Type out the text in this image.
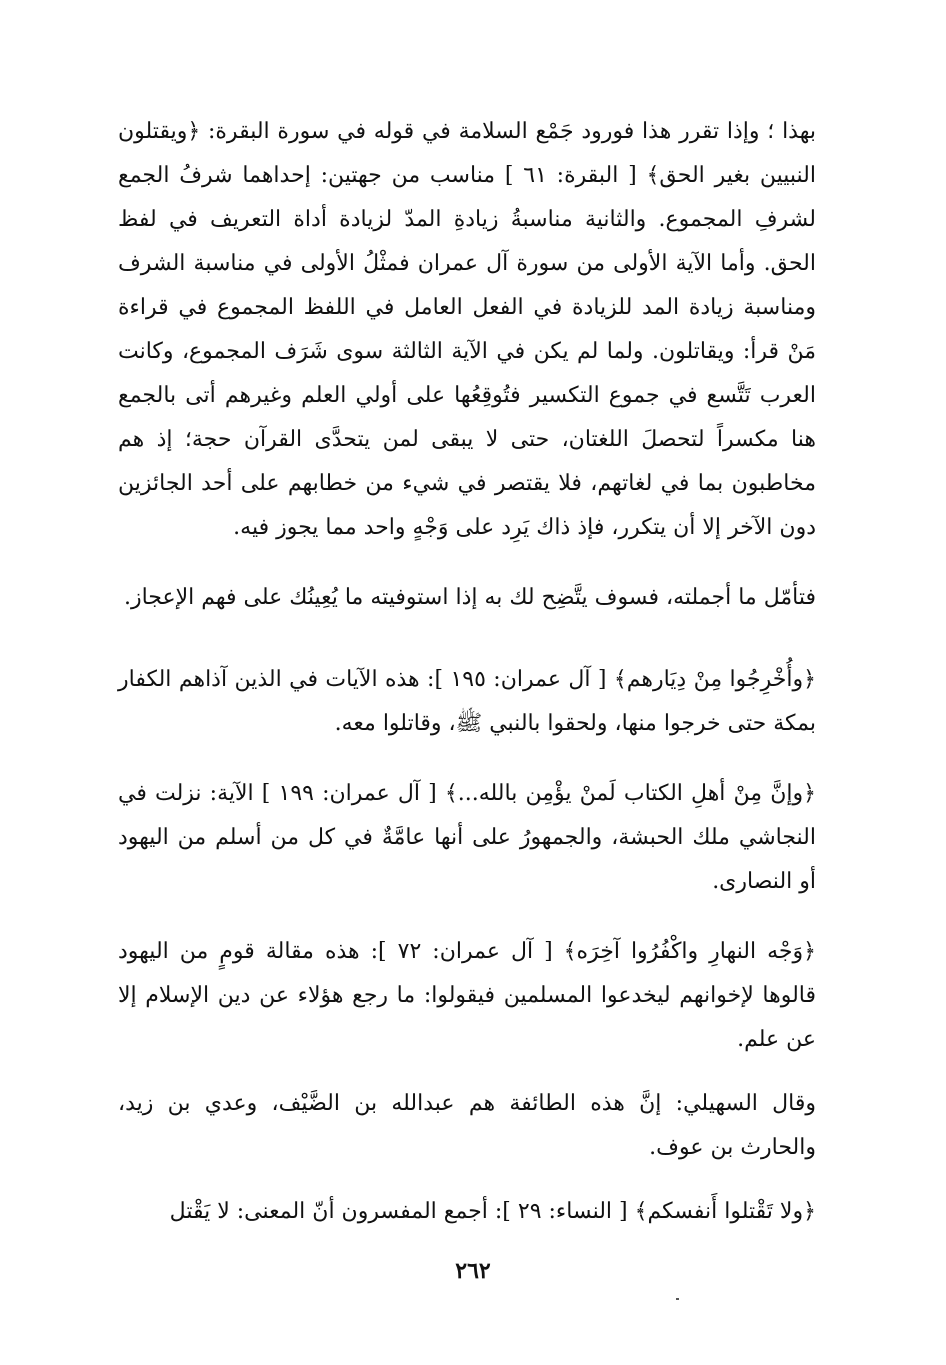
بهذا ؛ وإذا تقرر هذا فورود جَمْع السلامة في قوله في سورة البقرة: ﴿ويقتلون النبيين بغير الحق﴾ [ البقرة: ٦١ ] مناسب من جهتين: إحداهما شرفُ الجمع لشرفِ المجموع. والثانية مناسبةُ زيادةِ المدّ لزيادة أداة التعريف في لفظ الحق. وأما الآية الأولى من سورة آل عمران فمثْلُ الأولى في مناسبة الشرف ومناسبة زيادة المد للزيادة في الفعل العامل في اللفظ المجموع في قراءة مَنْ قرأ: ويقاتلون. ولما لم يكن في الآية الثالثة سوى شَرَف المجموع، وكانت العرب تَتَّسع في جموع التكسير فتُوقِعُها على أولي العلم وغيرهم أتى بالجمع هنا مكسراً لتحصلَ اللغتان، حتى لا يبقى لمن يتحدَّى القرآن حجة؛ إذ هم مخاطبون بما في لغاتهم، فلا يقتصر في شيء من خطابهم على أحد الجائزين دون الآخر إلا أن يتكرر، فإذ ذاك يَرِد على وَجْهٍ واحد مما يجوز فيه.

فتأمّل ما أجملته، فسوف يتَّضِح لك به إذا استوفيته ما يُعِينُك على فهم الإعجاز.

﴿وأُخْرِجُوا مِنْ دِيَارهم﴾ [ آل عمران: ١٩٥ ]: هذه الآيات في الذين آذاهم الكفار بمكة حتى خرجوا منها، ولحقوا بالنبي ﷺ، وقاتلوا معه.

﴿وإنَّ مِنْ أهلِ الكتاب لَمنْ يؤْمِن بالله...﴾ [ آل عمران: ١٩٩ ] الآية: نزلت في النجاشي ملك الحبشة، والجمهورُ على أنها عامَّةٌ في كل من أسلم من اليهود أو النصارى.

﴿وَجْه النهارِ واكْفُرُوا آخِرَه﴾ [ آل عمران: ٧٢ ]: هذه مقالة قومٍ من اليهود قالوها لإخوانهم ليخدعوا المسلمين فيقولوا: ما رجع هؤلاء عن دين الإسلام إلا عن علم.

وقال السهيلي: إنَّ هذه الطائفة هم عبدالله بن الضَّيْف، وعدي بن زيد، والحارث بن عوف.

﴿ولا تَقْتلوا أَنفسكم﴾ [ النساء: ٢٩ ]: أجمع المفسرون أنّ المعنى: لا يَقْتل

٢٦٢
